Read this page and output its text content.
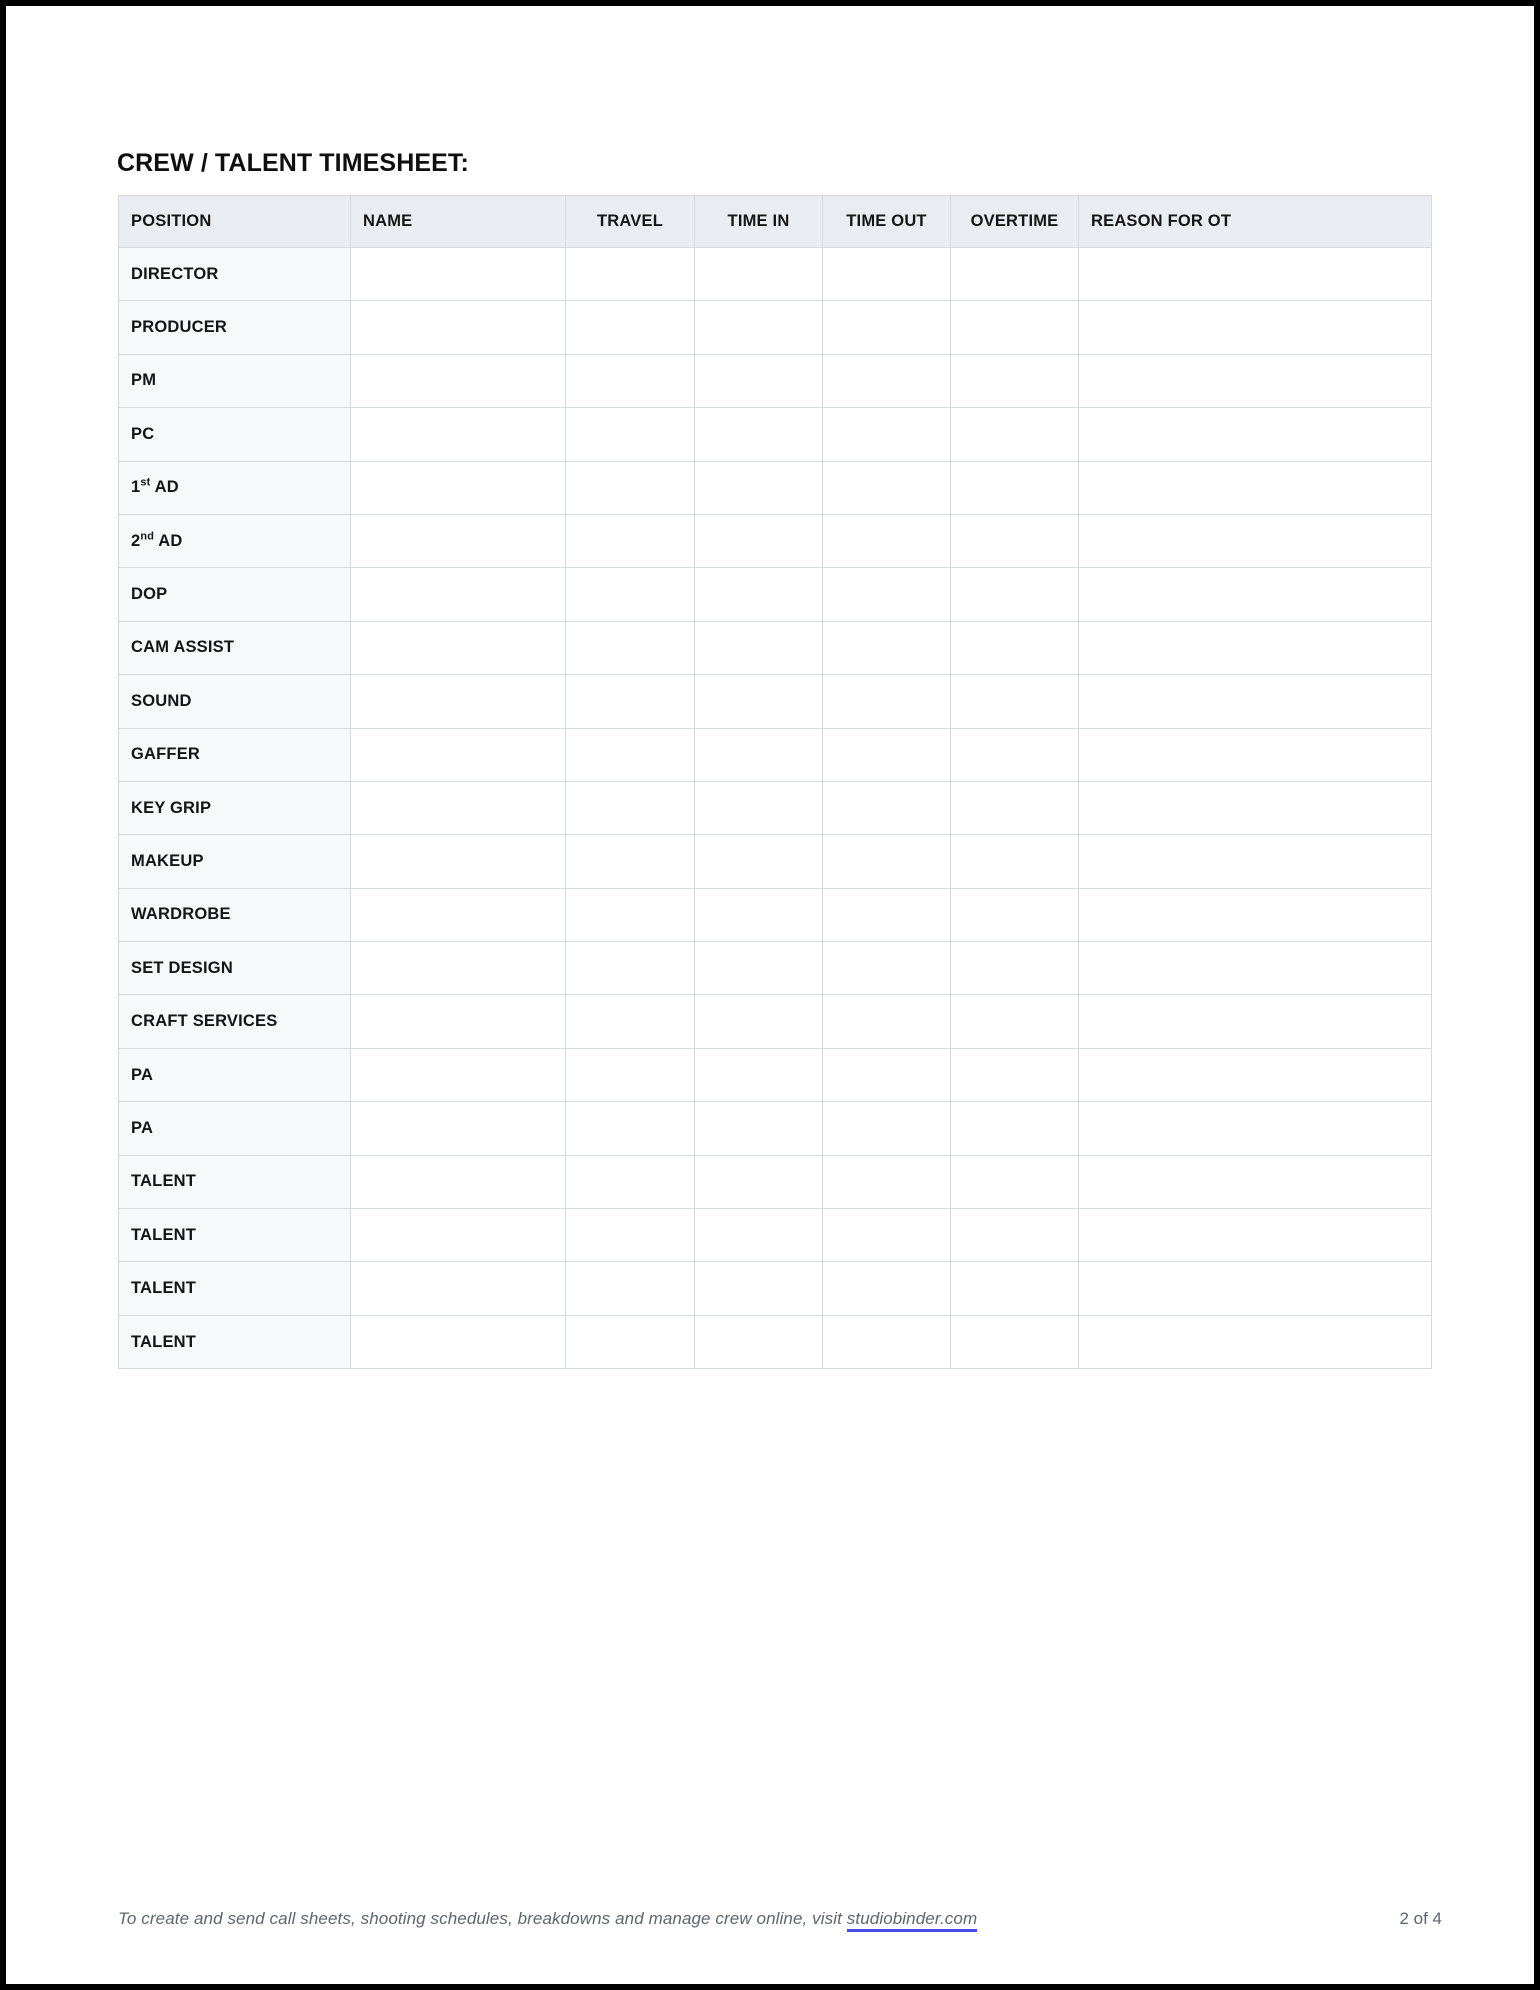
CREW / TALENT TIMESHEET:
POSITION	NAME	TRAVEL	TIME IN	TIME OUT	OVERTIME	REASON FOR OT
DIRECTOR						
PRODUCER						
PM						
PC						
1st AD						
2nd AD						
DOP						
CAM ASSIST						
SOUND						
GAFFER						
KEY GRIP						
MAKEUP						
WARDROBE						
SET DESIGN						
CRAFT SERVICES						
PA						
PA						
TALENT						
TALENT						
TALENT						
TALENT						
To create and send call sheets, shooting schedules, breakdowns and manage crew online, visit studiobinder.com	2 of 4
